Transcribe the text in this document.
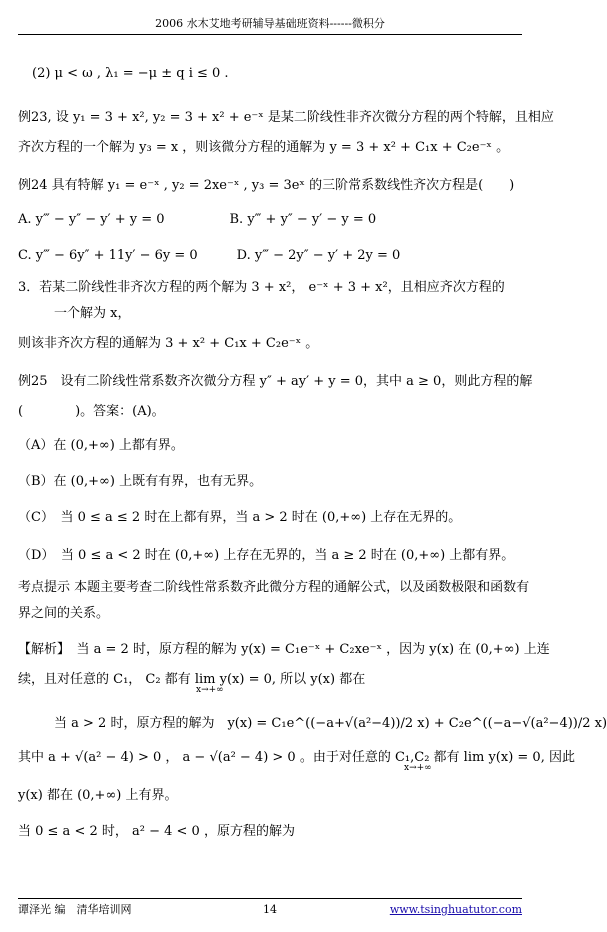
2006 水木艾地考研辅导基础班资料------微积分
(2) μ < ω , λ₁ = −μ ± q i ≤ 0 .
例23, 设 y₁ = 3 + x², y₂ = 3 + x² + e⁻ˣ 是某二阶线性非齐次微分方程的两个特解，且相应
齐次方程的一个解为 y₃ = x ，则该微分方程的通解为 y = 3 + x² + C₁x + C₂e⁻ˣ 。
例24 具有特解 y₁ = e⁻ˣ , y₂ = 2xe⁻ˣ , y₃ = 3eˣ 的三阶常系数线性齐次方程是(　　)
A. y‴ − y″ − y′ + y = 0　　　　　B. y‴ + y″ − y′ − y = 0
C. y‴ − 6y″ + 11y′ − 6y = 0　　　D. y‴ − 2y″ − y′ + 2y = 0
3．若某二阶线性非齐次方程的两个解为 3 + x²， e⁻ˣ + 3 + x²，且相应齐次方程的
一个解为 x，
则该非齐次方程的通解为 3 + x² + C₁x + C₂e⁻ˣ 。
例25　设有二阶线性常系数齐次微分方程 y″ + ay′ + y = 0，其中 a ≥ 0，则此方程的解
(　　　　)。答案：(A)。
（A）在 (0,+∞) 上都有界。
（B）在 (0,+∞) 上既有有界，也有无界。
（C）　当 0 ≤ a ≤ 2 时在上都有界，当 a > 2 时在 (0,+∞) 上存在无界的。
（D）　当 0 ≤ a < 2 时在 (0,+∞) 上存在无界的，当 a ≥ 2 时在 (0,+∞) 上都有界。
考点提示 本题主要考查二阶线性常系数齐此微分方程的通解公式，以及函数极限和函数有
界之间的关系。
【解析】　当 a = 2 时，原方程的解为 y(x) = C₁e⁻ˣ + C₂xe⁻ˣ ，因为 y(x) 在 (0,+∞) 上连
续，且对任意的 C₁， C₂ 都有 lim y(x) = 0, 所以 y(x) 都在
x→+∞
当 a > 2 时，原方程的解为　y(x) = C₁e^((−a+√(a²−4))/2 x) + C₂e^((−a−√(a²−4))/2 x)
其中 a + √(a² − 4) > 0 ， a − √(a² − 4) > 0 。由于对任意的 C₁,C₂ 都有 lim y(x) = 0, 因此
x→+∞
y(x) 都在 (0,+∞) 上有界。
当 0 ≤ a < 2 时， a² − 4 < 0 ，原方程的解为
谭泽光 编　清华培训网	14	www.tsinghuatutor.com
